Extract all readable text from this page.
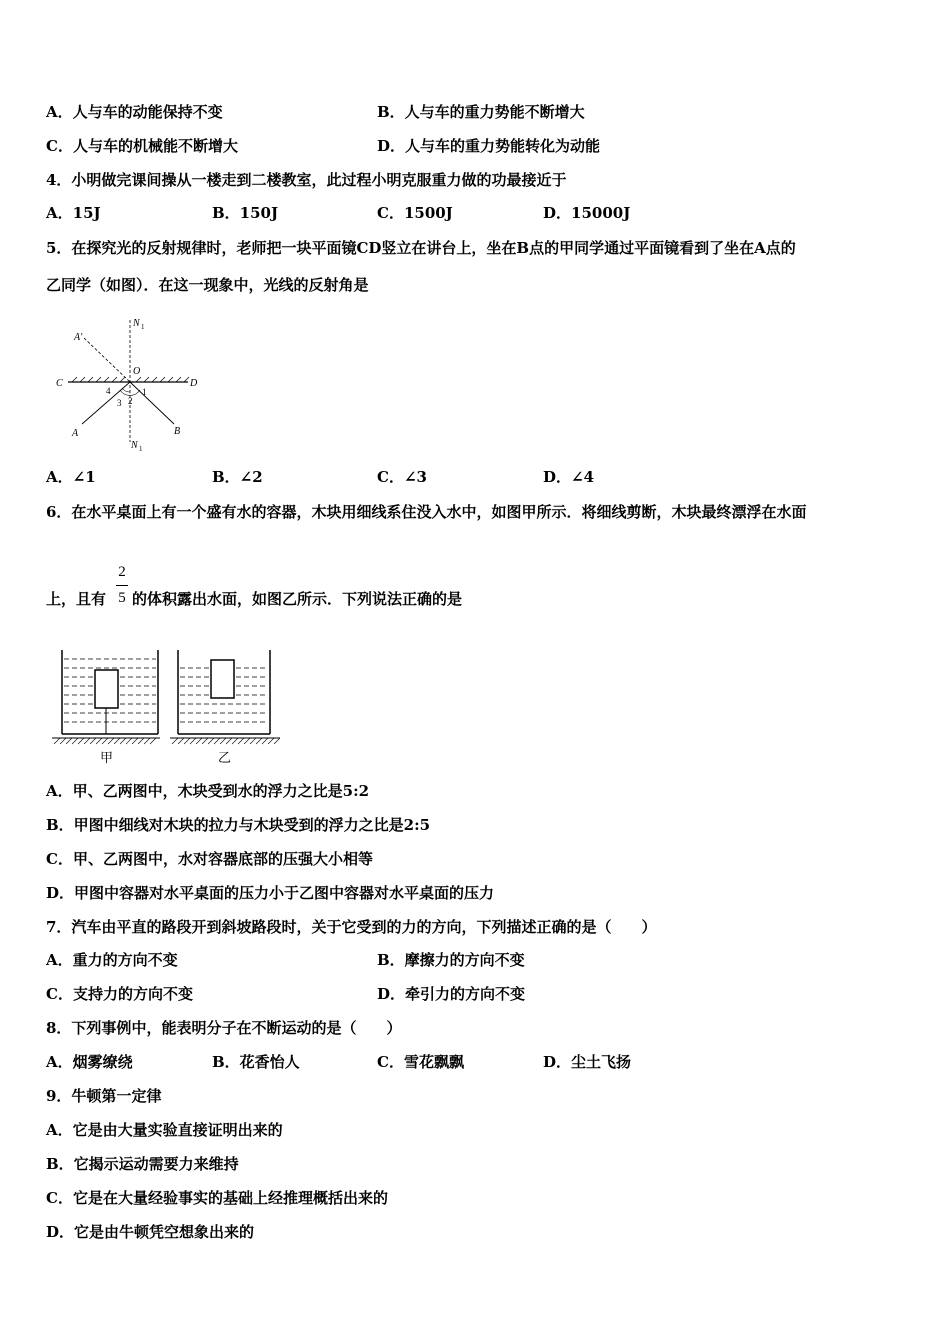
A．人与车的动能保持不变	B．人与车的重力势能不断增大
C．人与车的机械能不断增大	D．人与车的重力势能转化为动能
4．小明做完课间操从一楼走到二楼教室，此过程小明克服重力做的功最接近于
A．15J	B．150J	C．1500J	D．15000J
5．在探究光的反射规律时，老师把一块平面镜CD竖立在讲台上，坐在B点的甲同学通过平面镜看到了坐在A点的
乙同学（如图）．在这一现象中，光线的反射角是
A′
N 1
O
C	D
4	1
3 2
A	B
N 1
A．∠1	B．∠2	C．∠3	D．∠4
6．在水平桌面上有一个盛有水的容器，木块用细线系住没入水中，如图甲所示．将细线剪断，木块最终漂浮在水面
上，且有
2
5 的体积露出水面，如图乙所示．下列说法正确的是
甲	乙
A．甲、乙两图中，木块受到水的浮力之比是5:2
B．甲图中细线对木块的拉力与木块受到的浮力之比是2:5
C．甲、乙两图中，水对容器底部的压强大小相等
D．甲图中容器对水平桌面的压力小于乙图中容器对水平桌面的压力
7．汽车由平直的路段开到斜坡路段时，关于它受到的力的方向，下列描述正确的是（　　）
A．重力的方向不变	B．摩擦力的方向不变
C．支持力的方向不变	D．牵引力的方向不变
8．下列事例中，能表明分子在不断运动的是（　　）
A．烟雾缭绕	B．花香怡人	C．雪花飘飘	D．尘土飞扬
9．牛顿第一定律
A．它是由大量实验直接证明出来的
B．它揭示运动需要力来维持
C．它是在大量经验事实的基础上经推理概括出来的
D．它是由牛顿凭空想象出来的
